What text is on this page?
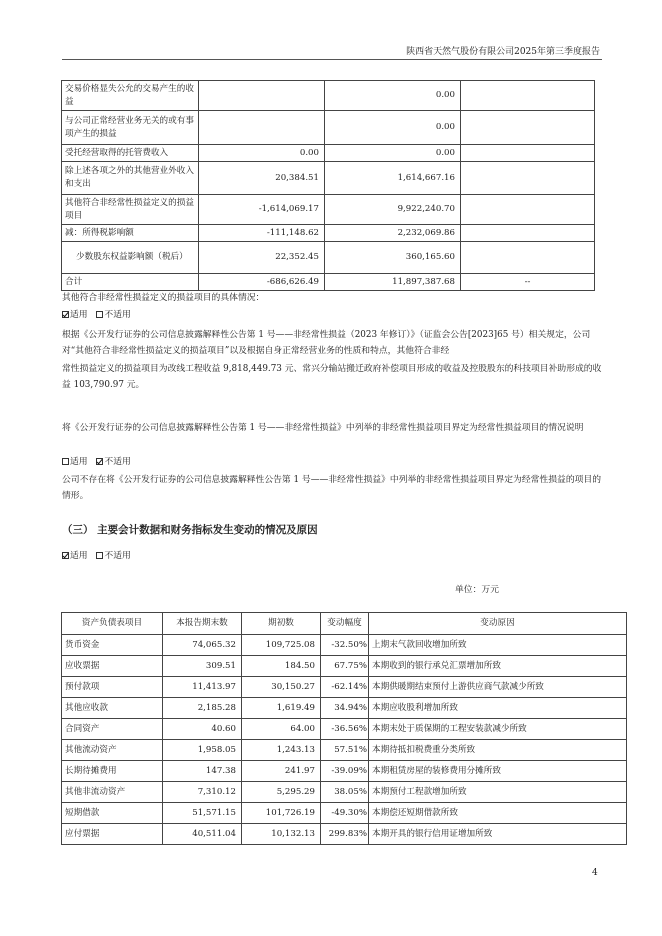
陕西省天然气股份有限公司2025年第三季度报告
交易价格显失公允的交易产生的收益		0.00	
与公司正常经营业务无关的或有事项产生的损益		0.00	
受托经营取得的托管费收入	0.00	0.00	
除上述各项之外的其他营业外收入和支出	20,384.51	1,614,667.16	
其他符合非经常性损益定义的损益项目	-1,614,069.17	9,922,240.70	
减：所得税影响额	-111,148.62	2,232,069.86	
少数股东权益影响额（税后）	22,352.45	360,165.60	
合计	-686,626.49	11,897,387.68	--
其他符合非经常性损益定义的损益项目的具体情况：
适用 不适用
根据《公开发行证券的公司信息披露解释性公告第 1 号——非经常性损益（2023 年修订）》（证监会公告[2023]65 号）相关规定，公司对“其他符合非经常性损益定义的损益项目”以及根据自身正常经营业务的性质和特点，其他符合非经
常性损益定义的损益项目为改线工程收益 9,818,449.73 元、常兴分输站搬迁政府补偿项目形成的收益及控股股东的科技项目补助形成的收益 103,790.97 元。
将《公开发行证券的公司信息披露解释性公告第 1 号——非经常性损益》中列举的非经常性损益项目界定为经常性损益项目的情况说明
适用 不适用
公司不存在将《公开发行证券的公司信息披露解释性公告第 1 号——非经常性损益》中列举的非经常性损益项目界定为经常性损益的项目的情形。
（三） 主要会计数据和财务指标发生变动的情况及原因
适用 不适用
单位：万元
资产负债表项目	本报告期末数	期初数	变动幅度	变动原因
货币资金	74,065.32	109,725.08	-32.50%	上期末气款回收增加所致
应收票据	309.51	184.50	67.75%	本期收到的银行承兑汇票增加所致
预付款项	11,413.97	30,150.27	-62.14%	本期供暖期结束预付上游供应商气款减少所致
其他应收款	2,185.28	1,619.49	34.94%	本期应收股利增加所致
合同资产	40.60	64.00	-36.56%	本期末处于质保期的工程安装款减少所致
其他流动资产	1,958.05	1,243.13	57.51%	本期待抵扣税费重分类所致
长期待摊费用	147.38	241.97	-39.09%	本期租赁房屋的装修费用分摊所致
其他非流动资产	7,310.12	5,295.29	38.05%	本期预付工程款增加所致
短期借款	51,571.15	101,726.19	-49.30%	本期偿还短期借款所致
应付票据	40,511.04	10,132.13	299.83%	本期开具的银行信用证增加所致
4
